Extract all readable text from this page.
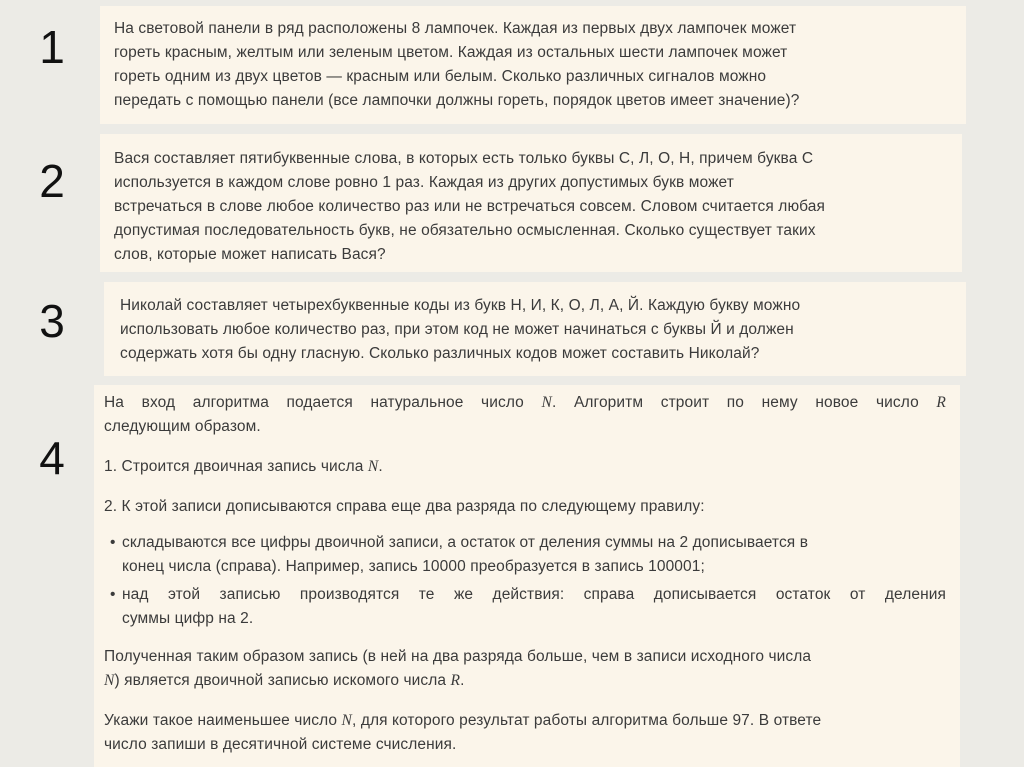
1
2
3
4

На световой панели в ряд расположены 8 лампочек. Каждая из первых двух лампочек может

гореть красным, желтым или зеленым цветом. Каждая из остальных шести лампочек может

гореть одним из двух цветов — красным или белым. Сколько различных сигналов можно

передать с помощью панели (все лампочки должны гореть, порядок цветов имеет значение)?

Вася составляет пятибуквенные слова, в которых есть только буквы С, Л, О, Н, причем буква С

используется в каждом слове ровно 1 раз. Каждая из других допустимых букв может

встречаться в слове любое количество раз или не встречаться совсем. Словом считается любая

допустимая последовательность букв, не обязательно осмысленная. Сколько существует таких

слов, которые может написать Вася?

Николай составляет четырехбуквенные коды из букв Н, И, К, О, Л, А, Й. Каждую букву можно

использовать любое количество раз, при этом код не может начинаться с буквы Й и должен

содержать хотя бы одну гласную. Сколько различных кодов может составить Николай?

На вход алгоритма подается натуральное число N. Алгоритм строит по нему новое число R

следующим образом.

1. Строится двоичная запись числа N.

2. К этой записи дописываются справа еще два разряда по следующему правилу:

• складываются все цифры двоичной записи, а остаток от деления суммы на 2 дописывается в
конец числа (справа). Например, запись 10000 преобразуется в запись 100001;
• над этой записью производятся те же действия: справа дописывается остаток от деления
суммы цифр на 2.

Полученная таким образом запись (в ней на два разряда больше, чем в записи исходного числа
N) является двоичной записью искомого числа R.

Укажи такое наименьшее число N, для которого результат работы алгоритма больше 97. В ответе
число запиши в десятичной системе счисления.
